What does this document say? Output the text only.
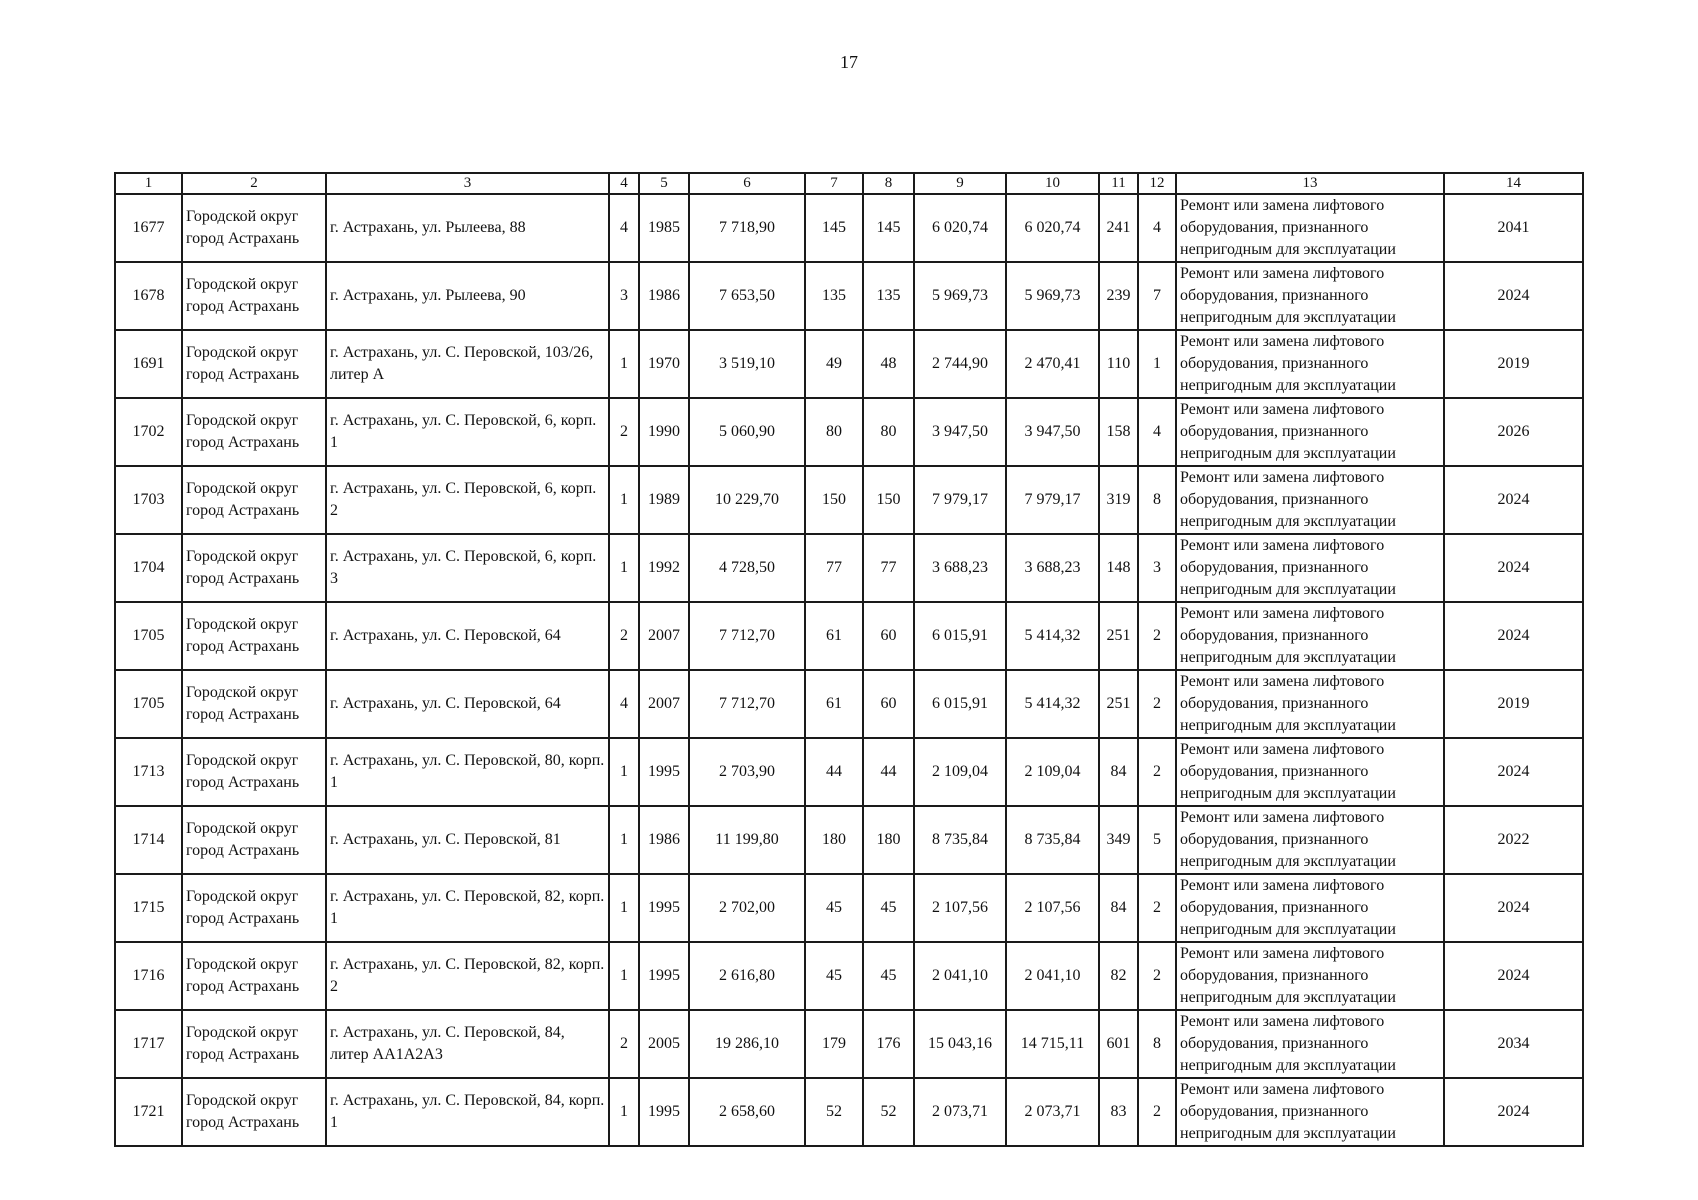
17
1	2	3	4	5	6	7	8	9	10	11	12	13	14
1677	Городской округ город Астрахань	г. Астрахань, ул. Рылеева, 88	4	1985	7 718,90	145	145	6 020,74	6 020,74	241	4	Ремонт или замена лифтового оборудования, признанного непригодным для эксплуатации	2041
1678	Городской округ город Астрахань	г. Астрахань, ул. Рылеева, 90	3	1986	7 653,50	135	135	5 969,73	5 969,73	239	7	Ремонт или замена лифтового оборудования, признанного непригодным для эксплуатации	2024
1691	Городской округ город Астрахань	г. Астрахань, ул. С. Перовской, 103/26, литер А	1	1970	3 519,10	49	48	2 744,90	2 470,41	110	1	Ремонт или замена лифтового оборудования, признанного непригодным для эксплуатации	2019
1702	Городской округ город Астрахань	г. Астрахань, ул. С. Перовской, 6, корп. 1	2	1990	5 060,90	80	80	3 947,50	3 947,50	158	4	Ремонт или замена лифтового оборудования, признанного непригодным для эксплуатации	2026
1703	Городской округ город Астрахань	г. Астрахань, ул. С. Перовской, 6, корп. 2	1	1989	10 229,70	150	150	7 979,17	7 979,17	319	8	Ремонт или замена лифтового оборудования, признанного непригодным для эксплуатации	2024
1704	Городской округ город Астрахань	г. Астрахань, ул. С. Перовской, 6, корп. 3	1	1992	4 728,50	77	77	3 688,23	3 688,23	148	3	Ремонт или замена лифтового оборудования, признанного непригодным для эксплуатации	2024
1705	Городской округ город Астрахань	г. Астрахань, ул. С. Перовской, 64	2	2007	7 712,70	61	60	6 015,91	5 414,32	251	2	Ремонт или замена лифтового оборудования, признанного непригодным для эксплуатации	2024
1705	Городской округ город Астрахань	г. Астрахань, ул. С. Перовской, 64	4	2007	7 712,70	61	60	6 015,91	5 414,32	251	2	Ремонт или замена лифтового оборудования, признанного непригодным для эксплуатации	2019
1713	Городской округ город Астрахань	г. Астрахань, ул. С. Перовской, 80, корп. 1	1	1995	2 703,90	44	44	2 109,04	2 109,04	84	2	Ремонт или замена лифтового оборудования, признанного непригодным для эксплуатации	2024
1714	Городской округ город Астрахань	г. Астрахань, ул. С. Перовской, 81	1	1986	11 199,80	180	180	8 735,84	8 735,84	349	5	Ремонт или замена лифтового оборудования, признанного непригодным для эксплуатации	2022
1715	Городской округ город Астрахань	г. Астрахань, ул. С. Перовской, 82, корп. 1	1	1995	2 702,00	45	45	2 107,56	2 107,56	84	2	Ремонт или замена лифтового оборудования, признанного непригодным для эксплуатации	2024
1716	Городской округ город Астрахань	г. Астрахань, ул. С. Перовской, 82, корп. 2	1	1995	2 616,80	45	45	2 041,10	2 041,10	82	2	Ремонт или замена лифтового оборудования, признанного непригодным для эксплуатации	2024
1717	Городской округ город Астрахань	г. Астрахань, ул. С. Перовской, 84, литер АА1А2А3	2	2005	19 286,10	179	176	15 043,16	14 715,11	601	8	Ремонт или замена лифтового оборудования, признанного непригодным для эксплуатации	2034
1721	Городской округ город Астрахань	г. Астрахань, ул. С. Перовской, 84, корп. 1	1	1995	2 658,60	52	52	2 073,71	2 073,71	83	2	Ремонт или замена лифтового оборудования, признанного непригодным для эксплуатации	2024
